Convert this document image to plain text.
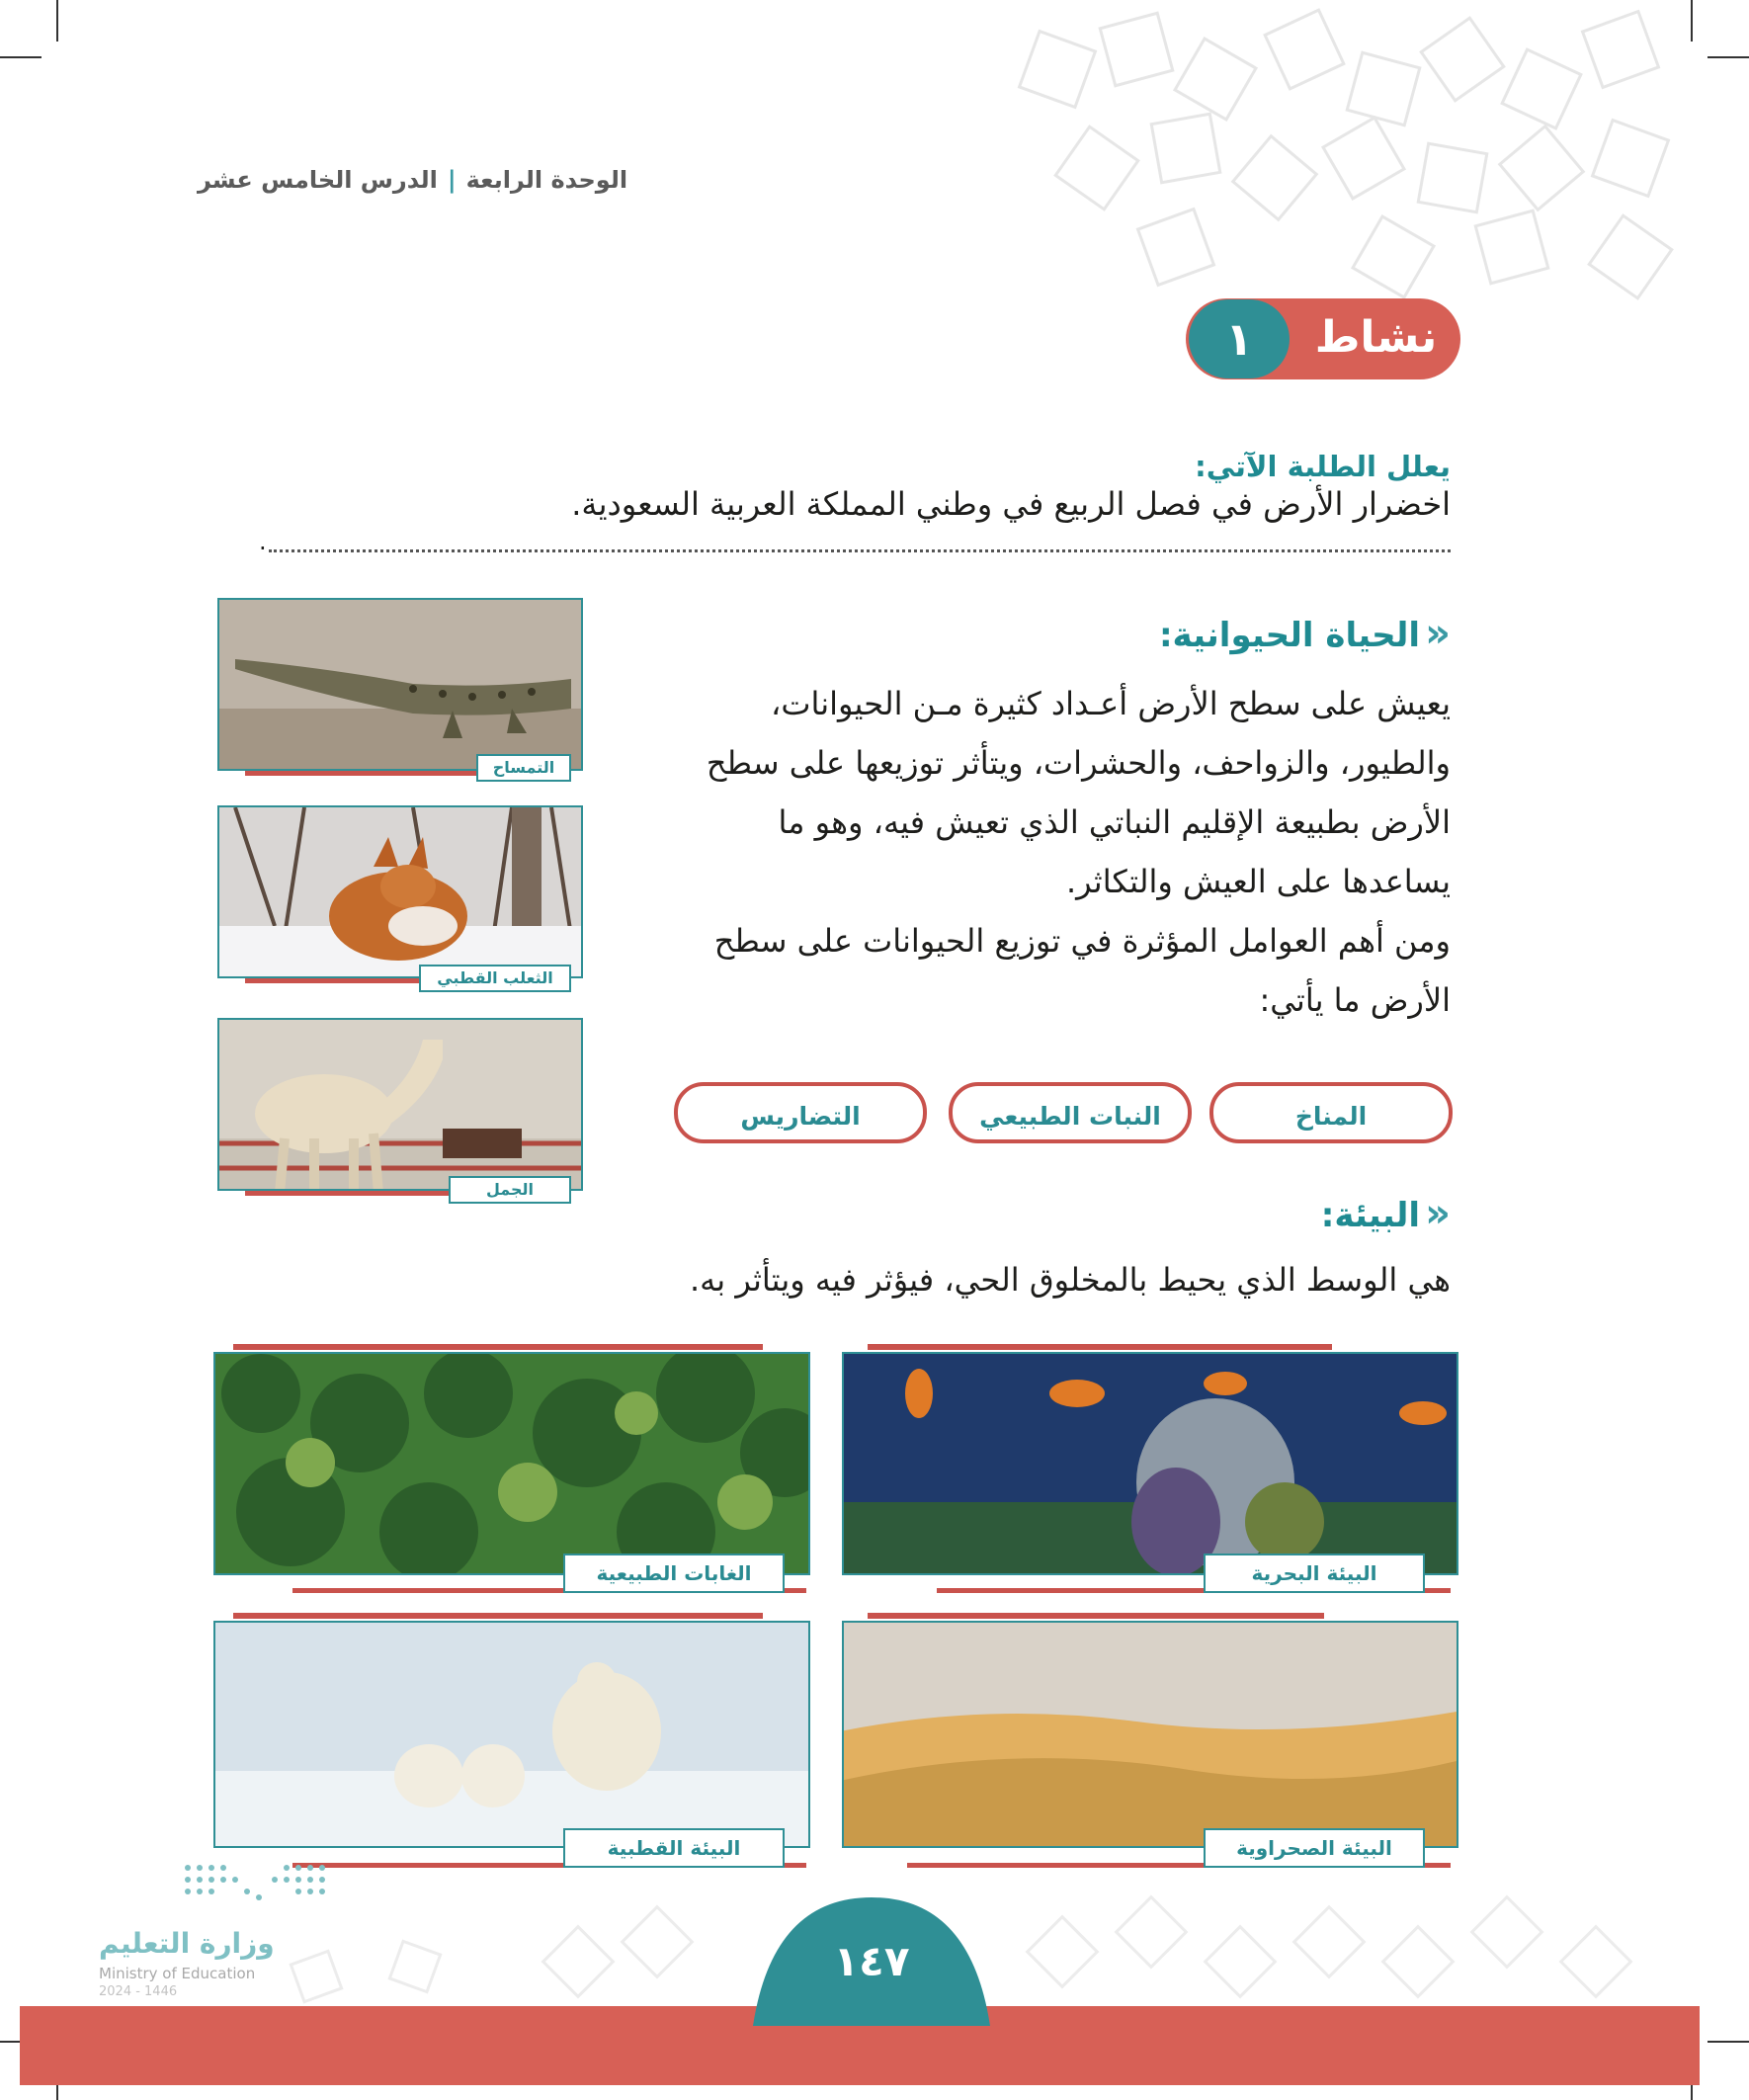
الوحدة الرابعة|الدرس الخامس عشر
نشاط
١
يعلل الطلبة الآتي:
اخضرار الأرض في فصل الربيع في وطني المملكة العربية السعودية.
.
« الحياة الحيوانية:
يعيش على سطح الأرض أعـداد كثيرة مـن الحيوانات،
والطيور، والزواحف، والحشرات، ويتأثر توزيعها على سطح
الأرض بطبيعة الإقليم النباتي الذي تعيش فيه، وهو ما
يساعدها على العيش والتكاثر.
ومن أهم العوامل المؤثرة في توزيع الحيوانات على سطح
الأرض ما يأتي:
المناخ
النبات الطبيعي
التضاريس
التمساح
الثعلب القطبي
الجمل
« البيئة:
هي الوسط الذي يحيط بالمخلوق الحي، فيؤثر فيه ويتأثر به.
البيئة البحرية
الغابات الطبيعية
البيئة الصحراوية
البيئة القطبية
١٤٧
وزارة التعليم
Ministry of Education
2024 - 1446
